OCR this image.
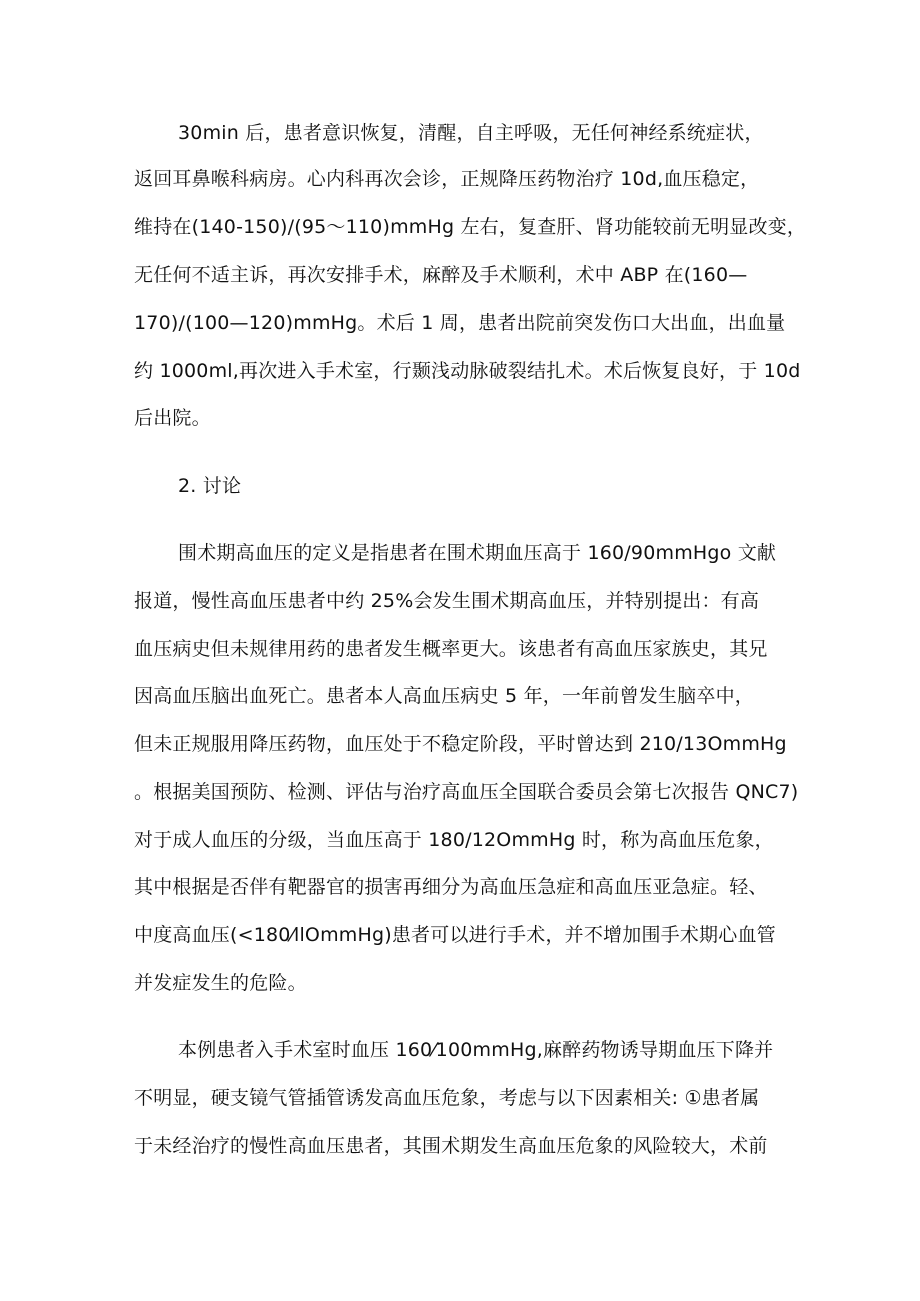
30min 后，患者意识恢复，清醒，自主呼吸，无任何神经系统症状，
返回耳鼻喉科病房。心内科再次会诊，正规降压药物治疗 10d,血压稳定，
维持在(140-150)/(95～110)mmHg 左右，复查肝、肾功能较前无明显改变，
无任何不适主诉，再次安排手术，麻醉及手术顺利，术中 ABP 在(160—
170)/(100—120)mmHg。术后 1 周，患者出院前突发伤口大出血，出血量
约 1000ml,再次进入手术室，行颞浅动脉破裂结扎术。术后恢复良好，于 10d
后出院。
2. 讨论
围术期高血压的定义是指患者在围术期血压高于 160/90mmHgo 文献
报道，慢性高血压患者中约 25%会发生围术期高血压，并特别提出：有高
血压病史但未规律用药的患者发生概率更大。该患者有高血压家族史，其兄
因高血压脑出血死亡。患者本人高血压病史 5 年，一年前曾发生脑卒中，
但未正规服用降压药物，血压处于不稳定阶段，平时曾达到 210/13OmmHg
。根据美国预防、检测、评估与治疗高血压全国联合委员会第七次报告 QNC7)
对于成人血压的分级，当血压高于 180/12OmmHg 时，称为高血压危象，
其中根据是否伴有靶器官的损害再细分为高血压急症和高血压亚急症。轻、
中度高血压(<180⁄llOmmHg)患者可以进行手术，并不增加围手术期心血管
并发症发生的危险。
本例患者入手术室时血压 160⁄100mmHg,麻醉药物诱导期血压下降并
不明显，硬支镜气管插管诱发高血压危象，考虑与以下因素相关: ①患者属
于未经治疗的慢性高血压患者，其围术期发生高血压危象的风险较大，术前
